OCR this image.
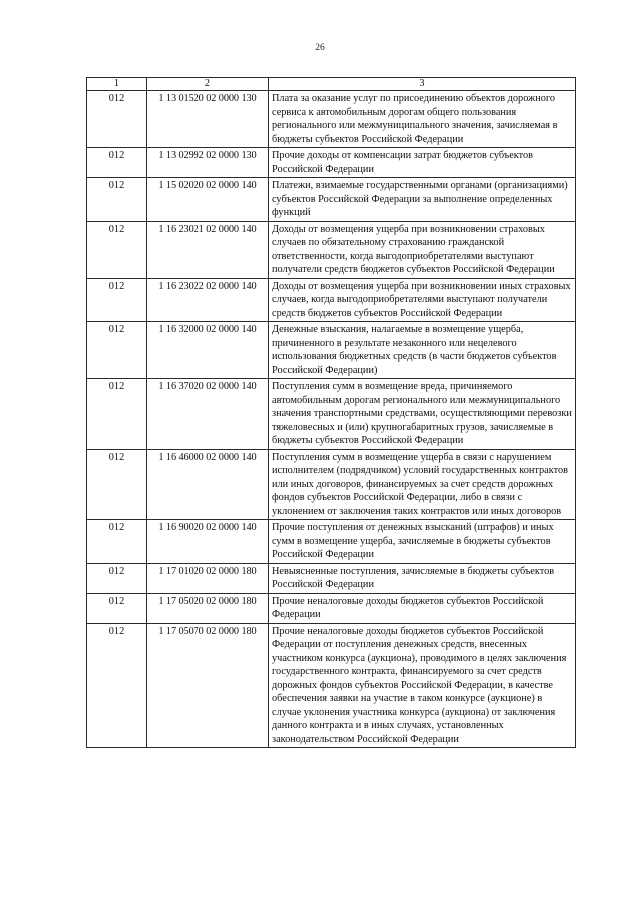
26
1	2	3
012	1 13 01520 02 0000 130	Плата за оказание услуг по присоединению объектов дорожного сервиса к автомобильным дорогам общего пользования регионального или межмуниципального значения, зачисляемая в бюджеты субъектов Российской Федерации
012	1 13 02992 02 0000 130	Прочие доходы от компенсации затрат бюджетов субъектов Российской Федерации
012	1 15 02020 02 0000 140	Платежи, взимаемые государственными органами (организациями) субъектов Российской Федерации за выполнение определенных функций
012	1 16 23021 02 0000 140	Доходы от возмещения ущерба при возникновении страховых случаев по обязательному страхованию гражданской ответственности, когда выгодоприобретателями выступают получатели средств бюджетов субъектов Российской Федерации
012	1 16 23022 02 0000 140	Доходы от возмещения ущерба при возникновении иных страховых случаев, когда выгодоприобретателями выступают получатели средств бюджетов субъектов Российской Федерации
012	1 16 32000 02 0000 140	Денежные взыскания, налагаемые в возмещение ущерба, причиненного в результате незаконного или нецелевого использования бюджетных средств (в части бюджетов субъектов Российской Федерации)
012	1 16 37020 02 0000 140	Поступления сумм в возмещение вреда, причиняемого автомобильным дорогам регионального или межмуниципального значения транспортными средствами, осуществляющими перевозки тяжеловесных и (или) крупногабаритных грузов, зачисляемые в бюджеты субъектов Российской Федерации
012	1 16 46000 02 0000 140	Поступления сумм в возмещение ущерба в связи с нарушением исполнителем (подрядчиком) условий государственных контрактов или иных договоров, финансируемых за счет средств дорожных фондов субъектов Российской Федерации, либо в связи с уклонением от заключения таких контрактов или иных договоров
012	1 16 90020 02 0000 140	Прочие поступления от денежных взысканий (штрафов) и иных сумм в возмещение ущерба, зачисляемые в бюджеты субъектов Российской Федерации
012	1 17 01020 02 0000 180	Невыясненные поступления, зачисляемые в бюджеты субъектов Российской Федерации
012	1 17 05020 02 0000 180	Прочие неналоговые доходы бюджетов субъектов Российской Федерации
012	1 17 05070 02 0000 180	Прочие неналоговые доходы бюджетов субъектов Российской Федерации от поступления денежных средств, внесенных участником конкурса (аукциона), проводимого в целях заключения государственного контракта, финансируемого за счет средств дорожных фондов субъектов Российской Федерации, в качестве обеспечения заявки на участие в таком конкурсе (аукционе) в случае уклонения участника конкурса (аукциона) от заключения данного контракта и в иных случаях, установленных законодательством Российской Федерации
